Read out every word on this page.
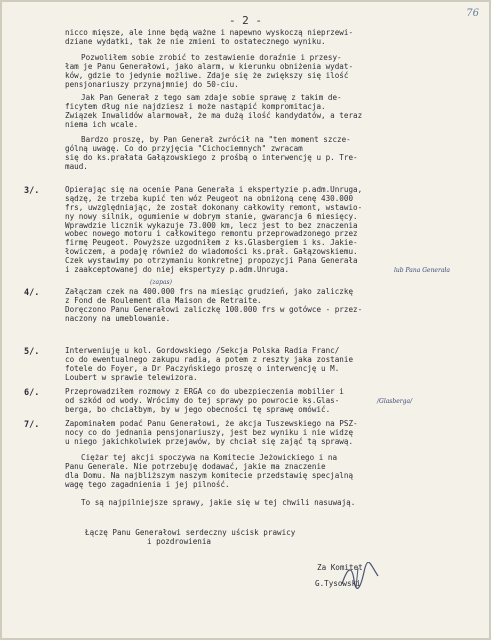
- 2 -
76
nicco mięsze, ale inne będą ważne i napewno wyskoczą nieprzewi-
dziane wydatki, tak że nie zmieni to ostatecznego wyniku.
Pozwoliłem sobie zrobić to zestawienie doraźnie i przesy-
łam je Panu Generałowi, jako alarm, w kierunku obniżenia wydat-
ków, gdzie to jedynie możliwe. Zdaje się że zwiększy się ilość
pensjonariuszy przynajmniej do 50-ciu.
Jak Pan Generał z tego sam zdaje sobie sprawę z takim de-
ficytem dług nie najdziesz i może nastąpić kompromitacja.
Związek Inwalidów alarmował, że ma dużą ilość kandydatów, a teraz
niema ich wcale.
Bardzo proszę, by Pan Generał zwrócił na "ten moment szcze-
gólną uwagę. Co do przyjęcia "Cichociemnych" zwracam
się do ks.prałata Gałązowskiego z prośbą o interwencję u p. Tre-
maud.
3/.	Opierając się na ocenie Pana Generała i ekspertyzie p.adm.Unruga,
sądzę, że trzeba kupić ten wóz Peugeot na obniżoną cenę 430.000
frs, uwzględniając, że został dokonany całkowity remont, wstawio-
ny nowy silnik, ogumienie w dobrym stanie, gwarancja 6 miesięcy.
Wprawdzie licznik wykazuje 73.000 km, lecz jest to bez znaczenia
wobec nowego motoru i całkowitego remontu przeprowadzonego przez
firmę Peugeot. Powyższe uzgodniłem z ks.Glasbergiem i ks. Jakie-
łowiczem, a podaję również do wiadomości ks.prał. Gałązowskiemu.
Czek wystawimy po otrzymaniu konkretnej propozycji Pana Generała
i zaakceptowanej do niej ekspertyzy p.adm.Unruga.	lub Pana Generała
(zapas)
4/.	Załączam czek na 400.000 frs na miesiąc grudzień, jako zaliczkę
z Fond de Roulement dla Maison de Retraite.
Doręczono Panu Generałowi zaliczkę 100.000 frs w gotówce - przez-
naczony na umeblowanie.
5/.	Interweniuję u kol. Gordowskiego /Sekcja Polska Radia Franc/
co do ewentualnego zakupu radia, a potem z reszty jaka zostanie
fotele do Foyer, a Dr Paczyńskiego proszę o interwencję u M.
Loubert w sprawie telewizora.
6/.	Przeprowadziłem rozmowy z ERGA co do ubezpieczenia mobilier i
od szkód od wody. Wrócimy do tej sprawy po powrocie ks.Glas-
berga, bo chciałbym, by w jego obecności tę sprawę omówić.
/Glasberga/
7/.	Zapominałem podać Panu Generałowi, że akcja Tuszewskiego na PSZ-
nocy co do jednania pensjonariuszy, jest bez wyniku i nie widzę
u niego jakichkolwiek przejawów, by chciał się zająć tą sprawą.
Ciężar tej akcji spoczywa na Komitecie Jeżowickiego i na
Panu Generale. Nie potrzebuję dodawać, jakie ma znaczenie
dla Domu. Na najbliższym naszym komitecie przedstawię specjalną
wagę tego zagadnienia i jej pilność.
To są najpilniejsze sprawy, jakie się w tej chwili nasuwają.
Łączę Panu Generałowi serdeczny uścisk prawicy
i pozdrowienia
Za Komitet
G.Tysowski
